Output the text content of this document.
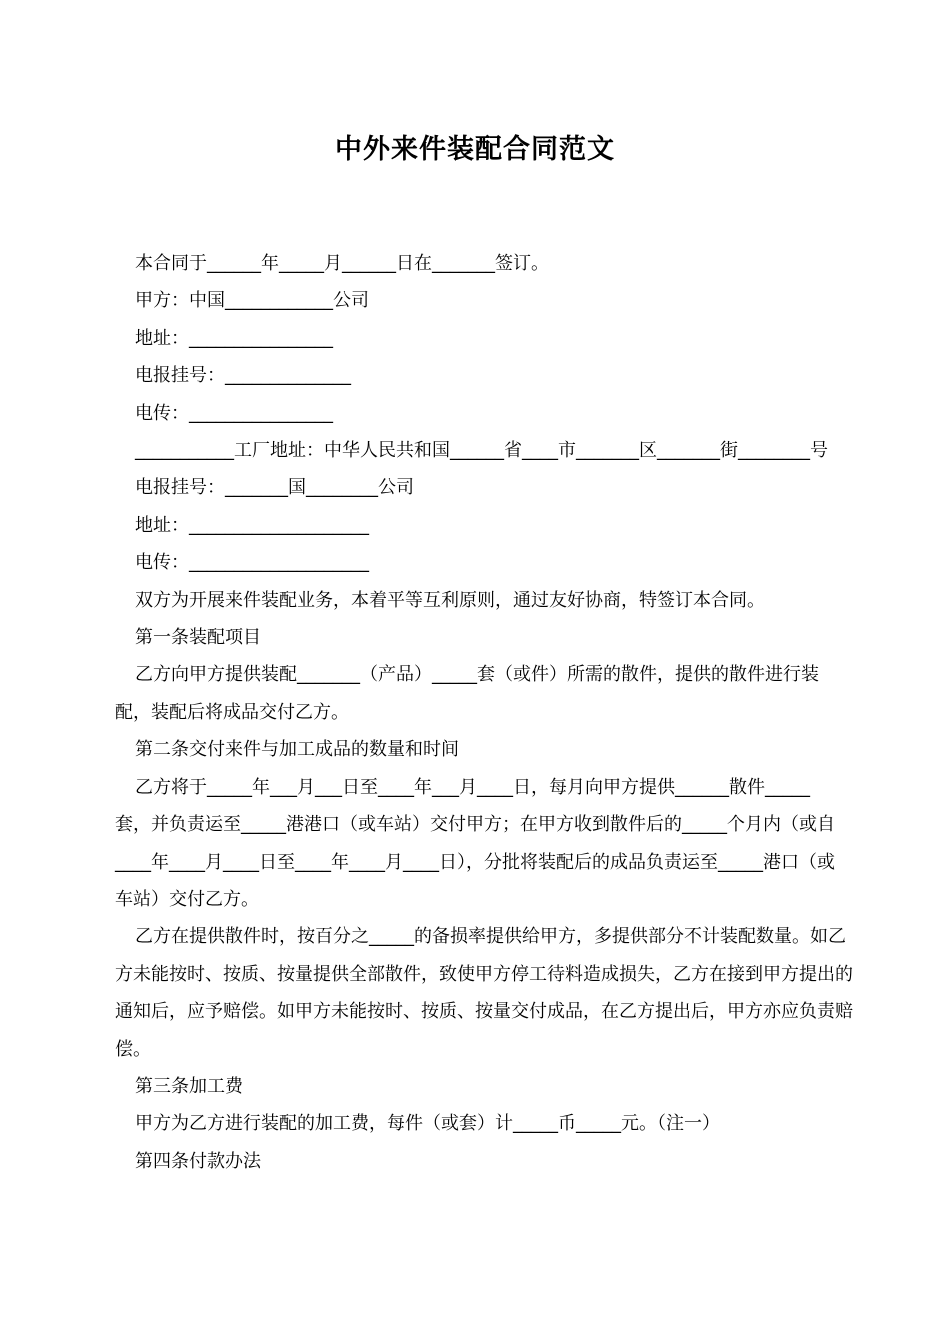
中外来件装配合同范文

本合同于______年_____月______日在_______签订。

甲方：中国____________公司

地址：________________

电报挂号：______________

电传：________________

___________工厂地址：中华人民共和国______省____市_______区_______街________号

电报挂号：_______国________公司

地址：____________________

电传：____________________

双方为开展来件装配业务，本着平等互利原则，通过友好协商，特签订本合同。

第一条装配项目

乙方向甲方提供装配_______（产品）_____套（或件）所需的散件，提供的散件进行装配，装配后将成品交付乙方。

第二条交付来件与加工成品的数量和时间

乙方将于_____年___月___日至____年___月____日，每月向甲方提供______散件_____套，并负责运至_____港港口（或车站）交付甲方；在甲方收到散件后的_____个月内（或自____年____月____日至____年____月____日），分批将装配后的成品负责运至_____港口（或车站）交付乙方。

乙方在提供散件时，按百分之_____的备损率提供给甲方，多提供部分不计装配数量。如乙方未能按时、按质、按量提供全部散件，致使甲方停工待料造成损失，乙方在接到甲方提出的通知后，应予赔偿。如甲方未能按时、按质、按量交付成品，在乙方提出后，甲方亦应负责赔偿。

第三条加工费

甲方为乙方进行装配的加工费，每件（或套）计_____币_____元。（注一）

第四条付款办法
